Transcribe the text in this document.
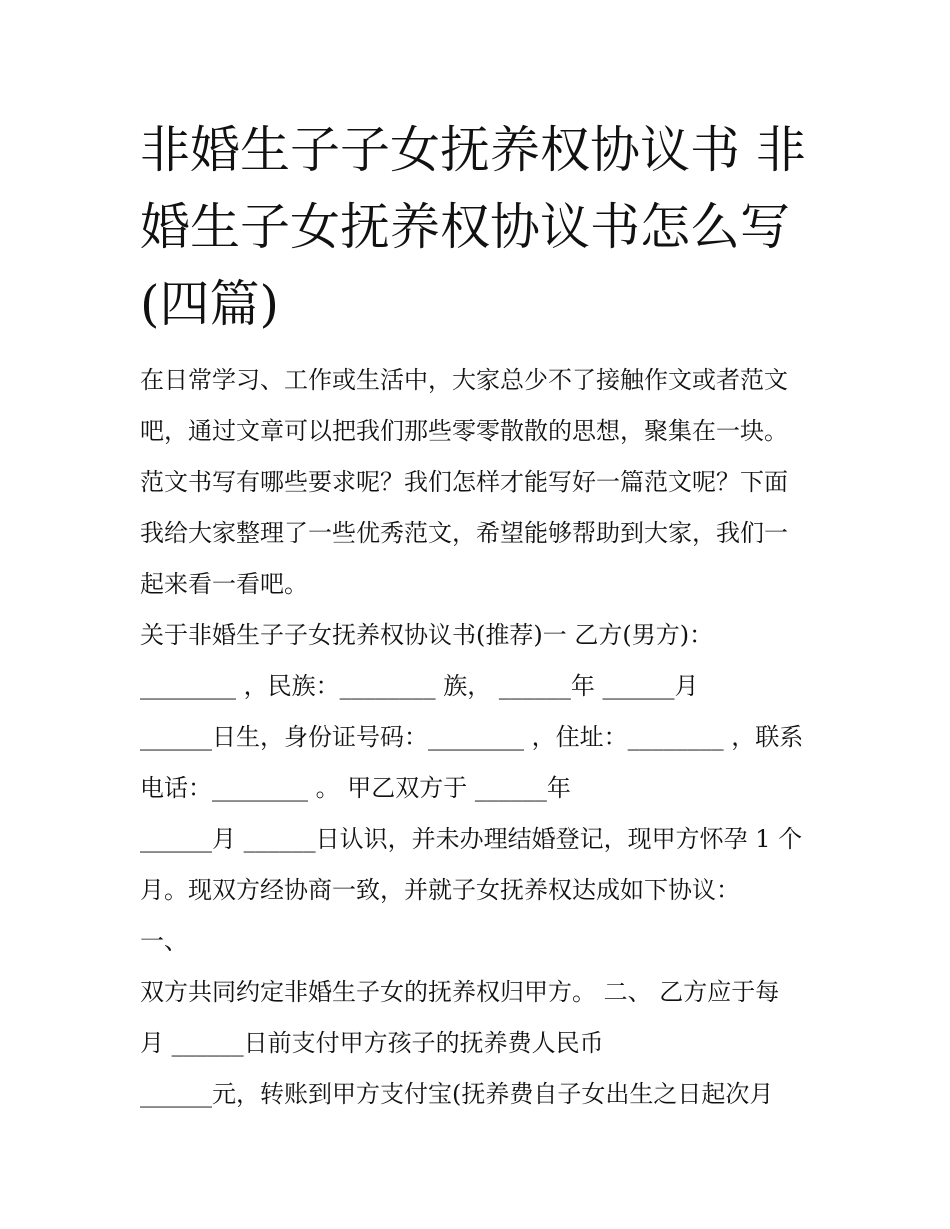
非婚生子子女抚养权协议书 非
婚生子女抚养权协议书怎么写
(四篇)
在日常学习、工作或生活中，大家总少不了接触作文或者范文
吧，通过文章可以把我们那些零零散散的思想，聚集在一块。
范文书写有哪些要求呢？我们怎样才能写好一篇范文呢？下面
我给大家整理了一些优秀范文，希望能够帮助到大家，我们一
起来看一看吧。
关于非婚生子子女抚养权协议书(推荐)一 乙方(男方)：
________ ，民族：________ 族， ______年 ______月
______日生，身份证号码：________ ，住址：________ ，联系
电话：________ 。 甲乙双方于 ______年
______月 ______日认识，并未办理结婚登记，现甲方怀孕 1 个
月。现双方经协商一致，并就子女抚养权达成如下协议：
一、
双方共同约定非婚生子女的抚养权归甲方。 二、 乙方应于每
月 ______日前支付甲方孩子的抚养费人民币
______元，转账到甲方支付宝(抚养费自子女出生之日起次月
